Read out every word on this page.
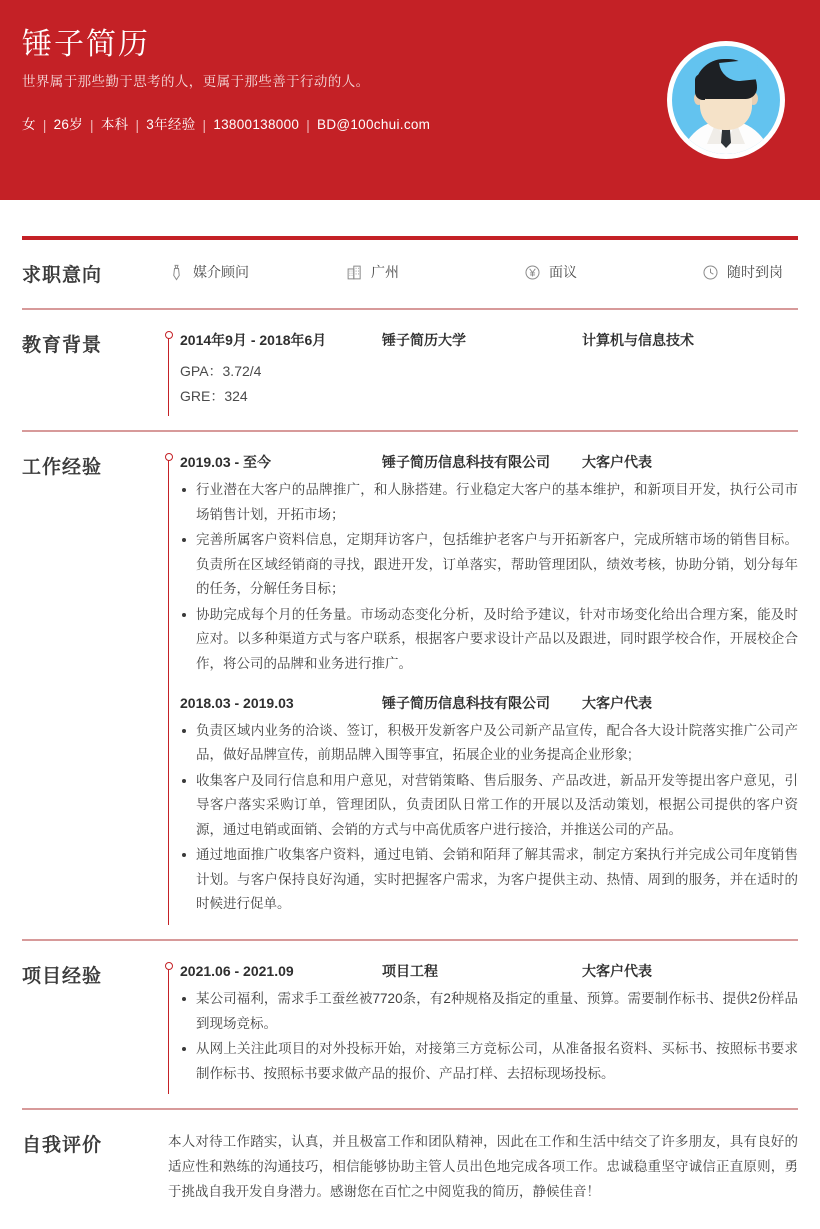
锤子简历
世界属于那些勤于思考的人，更属于那些善于行动的人。
女 | 26岁 | 本科 | 3年经验 | 13800138000 | BD@100chui.com
求职意向	媒介顾问	广州	面议	随时到岗
教育背景	2014年9月 - 2018年6月	锤子简历大学	计算机与信息技术
GPA：3.72/4
GRE：324
工作经验	2019.03 - 至今	锤子简历信息科技有限公司	大客户代表
行业潜在大客户的品牌推广，和人脉搭建。行业稳定大客户的基本维护，和新项目开发，执行公司市场销售计划，开拓市场；
完善所属客户资料信息，定期拜访客户，包括维护老客户与开拓新客户，完成所辖市场的销售目标。负责所在区域经销商的寻找，跟进开发，订单落实，帮助管理团队，绩效考核，协助分销，划分每年的任务，分解任务目标；
协助完成每个月的任务量。市场动态变化分析，及时给予建议，针对市场变化给出合理方案，能及时应对。以多种渠道方式与客户联系，根据客户要求设计产品以及跟进，同时跟学校合作，开展校企合作，将公司的品牌和业务进行推广。
2018.03 - 2019.03	锤子简历信息科技有限公司	大客户代表
负责区域内业务的洽谈、签订，积极开发新客户及公司新产品宣传，配合各大设计院落实推广公司产品，做好品牌宣传，前期品牌入围等事宜，拓展企业的业务提高企业形象;
收集客户及同行信息和用户意见，对营销策略、售后服务、产品改进，新品开发等提出客户意见，引导客户落实采购订单，管理团队，负责团队日常工作的开展以及活动策划，根据公司提供的客户资源，通过电销或面销、会销的方式与中高优质客户进行接洽，并推送公司的产品。
通过地面推广收集客户资料，通过电销、会销和陌拜了解其需求，制定方案执行并完成公司年度销售计划。与客户保持良好沟通，实时把握客户需求，为客户提供主动、热情、周到的服务，并在适时的时候进行促单。
项目经验	2021.06 - 2021.09	项目工程	大客户代表
某公司福利，需求手工蚕丝被7720条，有2种规格及指定的重量、预算。需要制作标书、提供2份样品到现场竞标。
从网上关注此项目的对外投标开始，对接第三方竞标公司，从准备报名资料、买标书、按照标书要求制作标书、按照标书要求做产品的报价、产品打样、去招标现场投标。
自我评价	本人对待工作踏实，认真，并且极富工作和团队精神，因此在工作和生活中结交了许多朋友，具有良好的适应性和熟练的沟通技巧，相信能够协助主管人员出色地完成各项工作。忠诚稳重坚守诚信正直原则，勇于挑战自我开发自身潜力。感谢您在百忙之中阅览我的简历，静候佳音！
